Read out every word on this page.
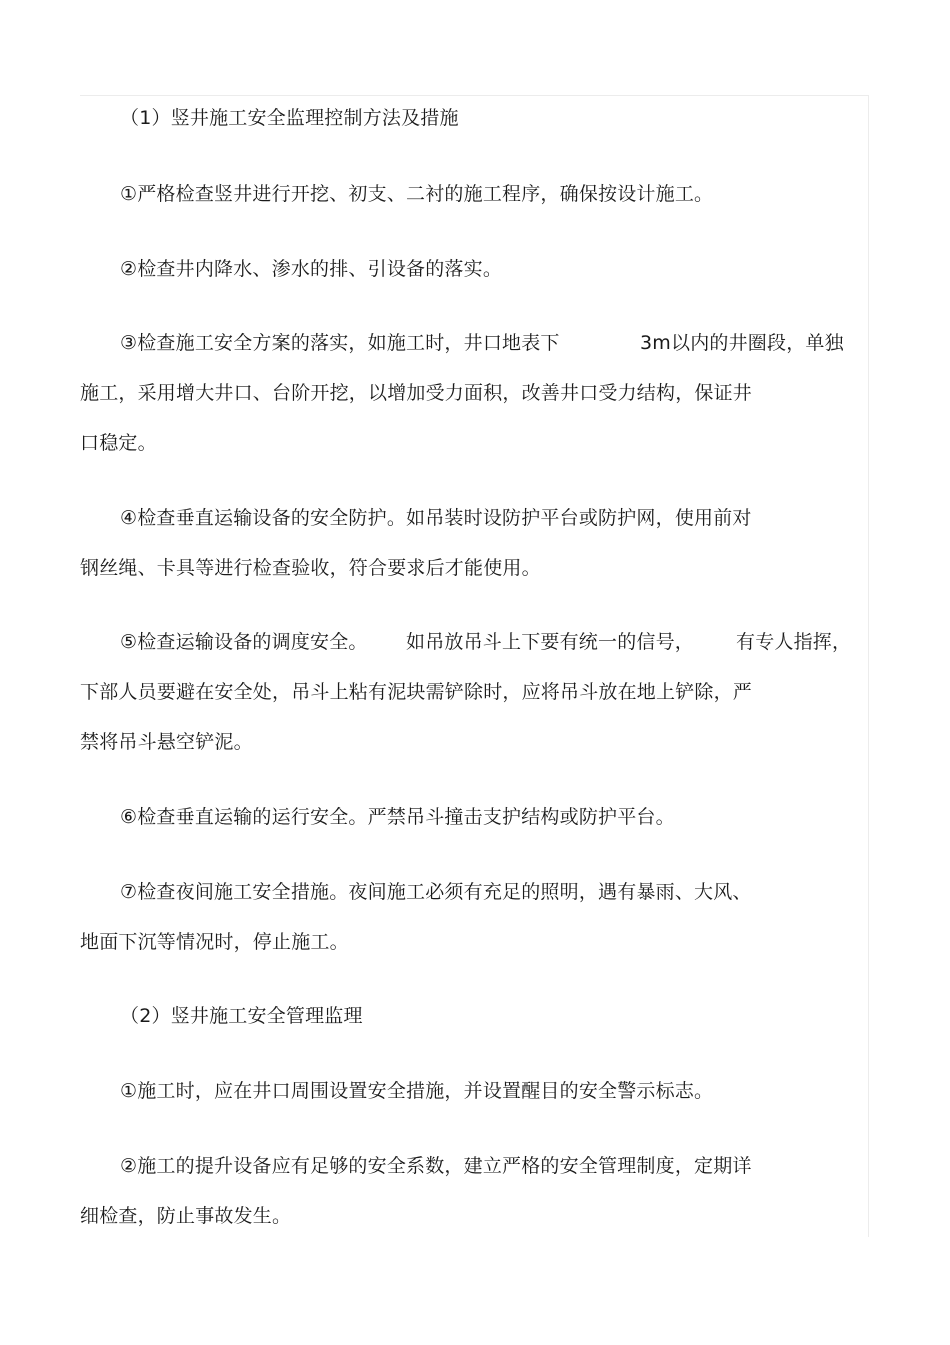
（1）竖井施工安全监理控制方法及措施
①严格检查竖井进行开挖、初支、二衬的施工程序，确保按设计施工。
②检查井内降水、渗水的排、引设备的落实。
③检查施工安全方案的落实，如施工时，井口地表下	3m以内的井圈段，单独
施工，采用增大井口、台阶开挖，以增加受力面积，改善井口受力结构，保证井
口稳定。
④检查垂直运输设备的安全防护。如吊装时设防护平台或防护网，使用前对
钢丝绳、卡具等进行检查验收，符合要求后才能使用。
⑤检查运输设备的调度安全。 如吊放吊斗上下要有统一的信号， 有专人指挥，
下部人员要避在安全处，吊斗上粘有泥块需铲除时，应将吊斗放在地上铲除，严
禁将吊斗悬空铲泥。
⑥检查垂直运输的运行安全。严禁吊斗撞击支护结构或防护平台。
⑦检查夜间施工安全措施。夜间施工必须有充足的照明，遇有暴雨、大风、
地面下沉等情况时，停止施工。
（2）竖井施工安全管理监理
①施工时，应在井口周围设置安全措施，并设置醒目的安全警示标志。
②施工的提升设备应有足够的安全系数，建立严格的安全管理制度，定期详
细检查，防止事故发生。
